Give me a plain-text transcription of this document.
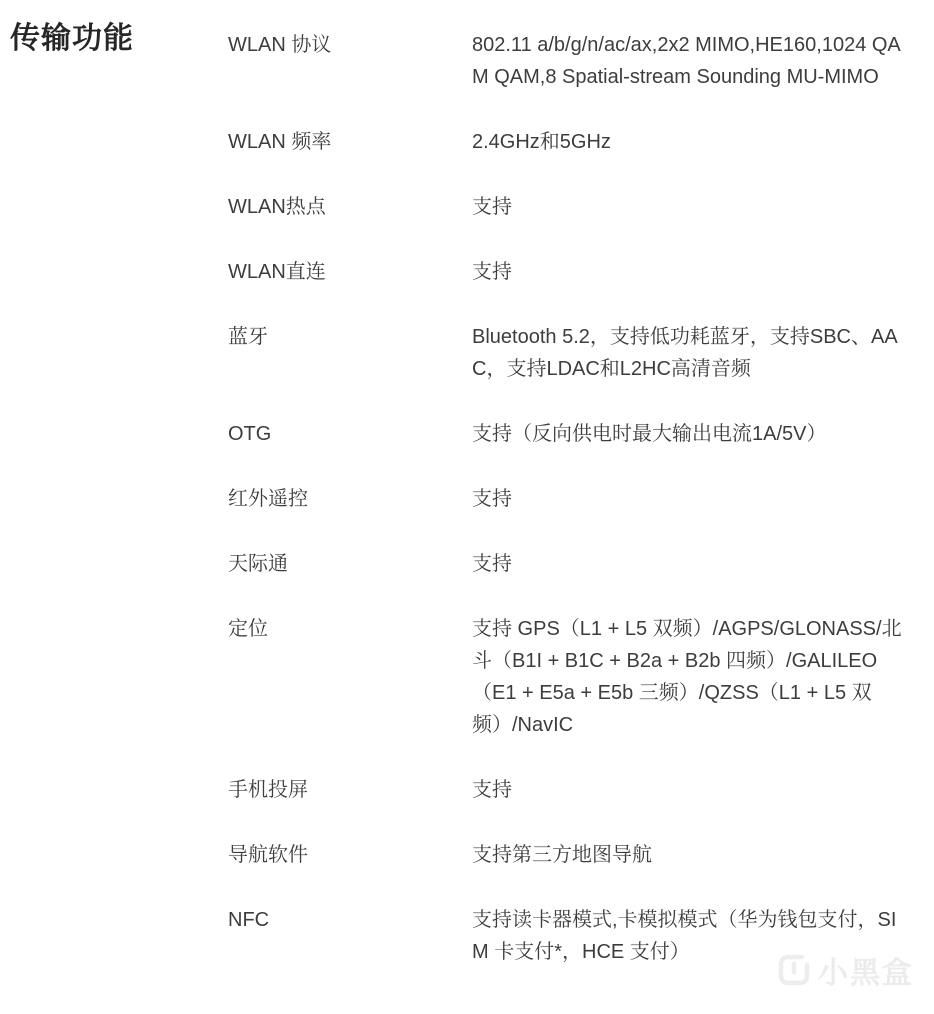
传输功能	WLAN 协议	802.11 a/b/g/n/ac/ax,2x2 MIMO,HE160,1024 QAM QAM,8 Spatial-stream Sounding MU-MIMO
WLAN 频率	2.4GHz和5GHz
WLAN热点	支持
WLAN直连	支持
蓝牙	Bluetooth 5.2，支持低功耗蓝牙，支持SBC、AAC，支持LDAC和L2HC高清音频
OTG	支持（反向供电时最大输出电流1A/5V）
红外遥控	支持
天际通	支持
定位	支持 GPS（L1 + L5 双频）/AGPS/GLONASS/北斗（B1I + B1C + B2a + B2b 四频）/GALILEO（E1 + E5a + E5b 三频）/QZSS（L1 + L5 双频）/NavIC
手机投屏	支持
导航软件	支持第三方地图导航
NFC	支持读卡器模式,卡模拟模式（华为钱包支付，SIM 卡支付*，HCE 支付）
小黑盒
